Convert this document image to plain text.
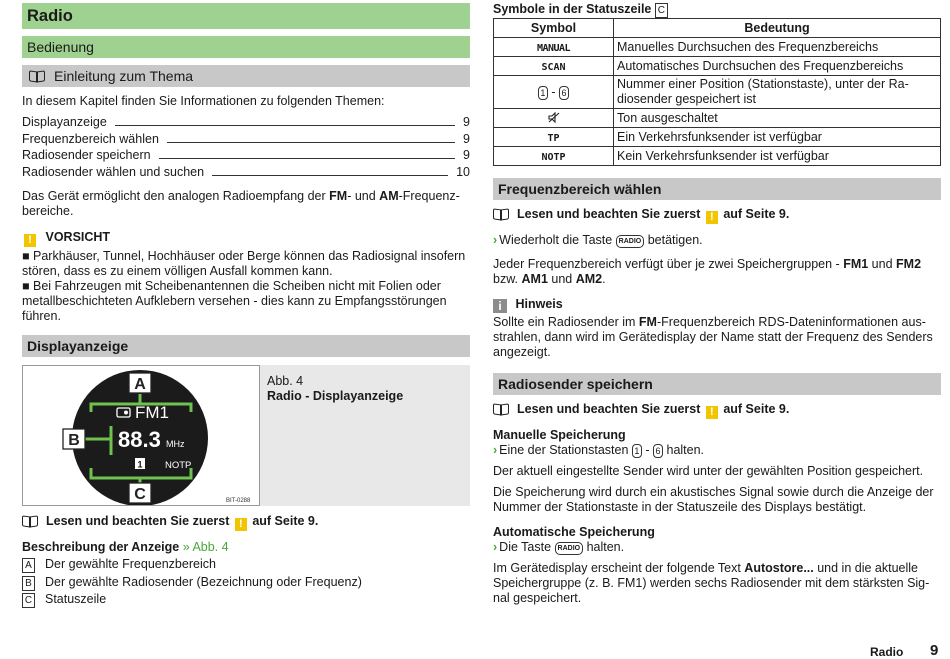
Radio
Bedienung
Einleitung zum Thema
In diesem Kapitel finden Sie Informationen zu folgenden Themen:
Displayanzeige	9
Frequenzbereich wählen	9
Radiosender speichern	9
Radiosender wählen und suchen	10
Das Gerät ermöglicht den analogen Radioempfang der FM- und AM-Frequenz-
bereiche.
! VORSICHT
■ Parkhäuser, Tunnel, Hochhäuser oder Berge können das Radiosignal insofern
stören, dass es zu einem völligen Ausfall kommen kann.
■ Bei Fahrzeugen mit Scheibenantennen die Scheiben nicht mit Folien oder
metallbeschichteten Aufklebern versehen - dies kann zu Empfangsstörungen
führen.
Displayanzeige
A
B
C
FM1
88.3 MHz
1 NOTP
BIT-0288
Abb. 4
Radio - Displayanzeige
Lesen und beachten Sie zuerst ! auf Seite 9.
Beschreibung der Anzeige » Abb. 4
A Der gewählte Frequenzbereich
B Der gewählte Radiosender (Bezeichnung oder Frequenz)
C Statuszeile
Symbole in der Statuszeile C
Symbol	Bedeutung
MANUAL	Manuelles Durchsuchen des Frequenzbereichs
SCAN	Automatisches Durchsuchen des Frequenzbereichs
1 - 6	Nummer einer Position (Stationstaste), unter der Ra-
diosender gespeichert ist
	Ton ausgeschaltet
TP	Ein Verkehrsfunksender ist verfügbar
NOTP	Kein Verkehrsfunksender ist verfügbar
Frequenzbereich wählen
Lesen und beachten Sie zuerst ! auf Seite 9.
› Wiederholt die Taste RADIO betätigen.
Jeder Frequenzbereich verfügt über je zwei Speichergruppen - FM1 und FM2
bzw. AM1 und AM2.
i Hinweis
Sollte ein Radiosender im FM-Frequenzbereich RDS-Dateninformationen aus-
strahlen, dann wird im Gerätedisplay der Name statt der Frequenz des Senders
angezeigt.
Radiosender speichern
Lesen und beachten Sie zuerst ! auf Seite 9.
Manuelle Speicherung
› Eine der Stationstasten 1 - 6 halten.
Der aktuell eingestellte Sender wird unter der gewählten Position gespeichert.
Die Speicherung wird durch ein akustisches Signal sowie durch die Anzeige der
Nummer der Stationstaste in der Statuszeile des Displays bestätigt.
Automatische Speicherung
› Die Taste RADIO halten.
Im Gerätedisplay erscheint der folgende Text Autostore... und in die aktuelle
Speichergruppe (z. B. FM1) werden sechs Radiosender mit dem stärksten Sig-
nal gespeichert.
Radio 9
